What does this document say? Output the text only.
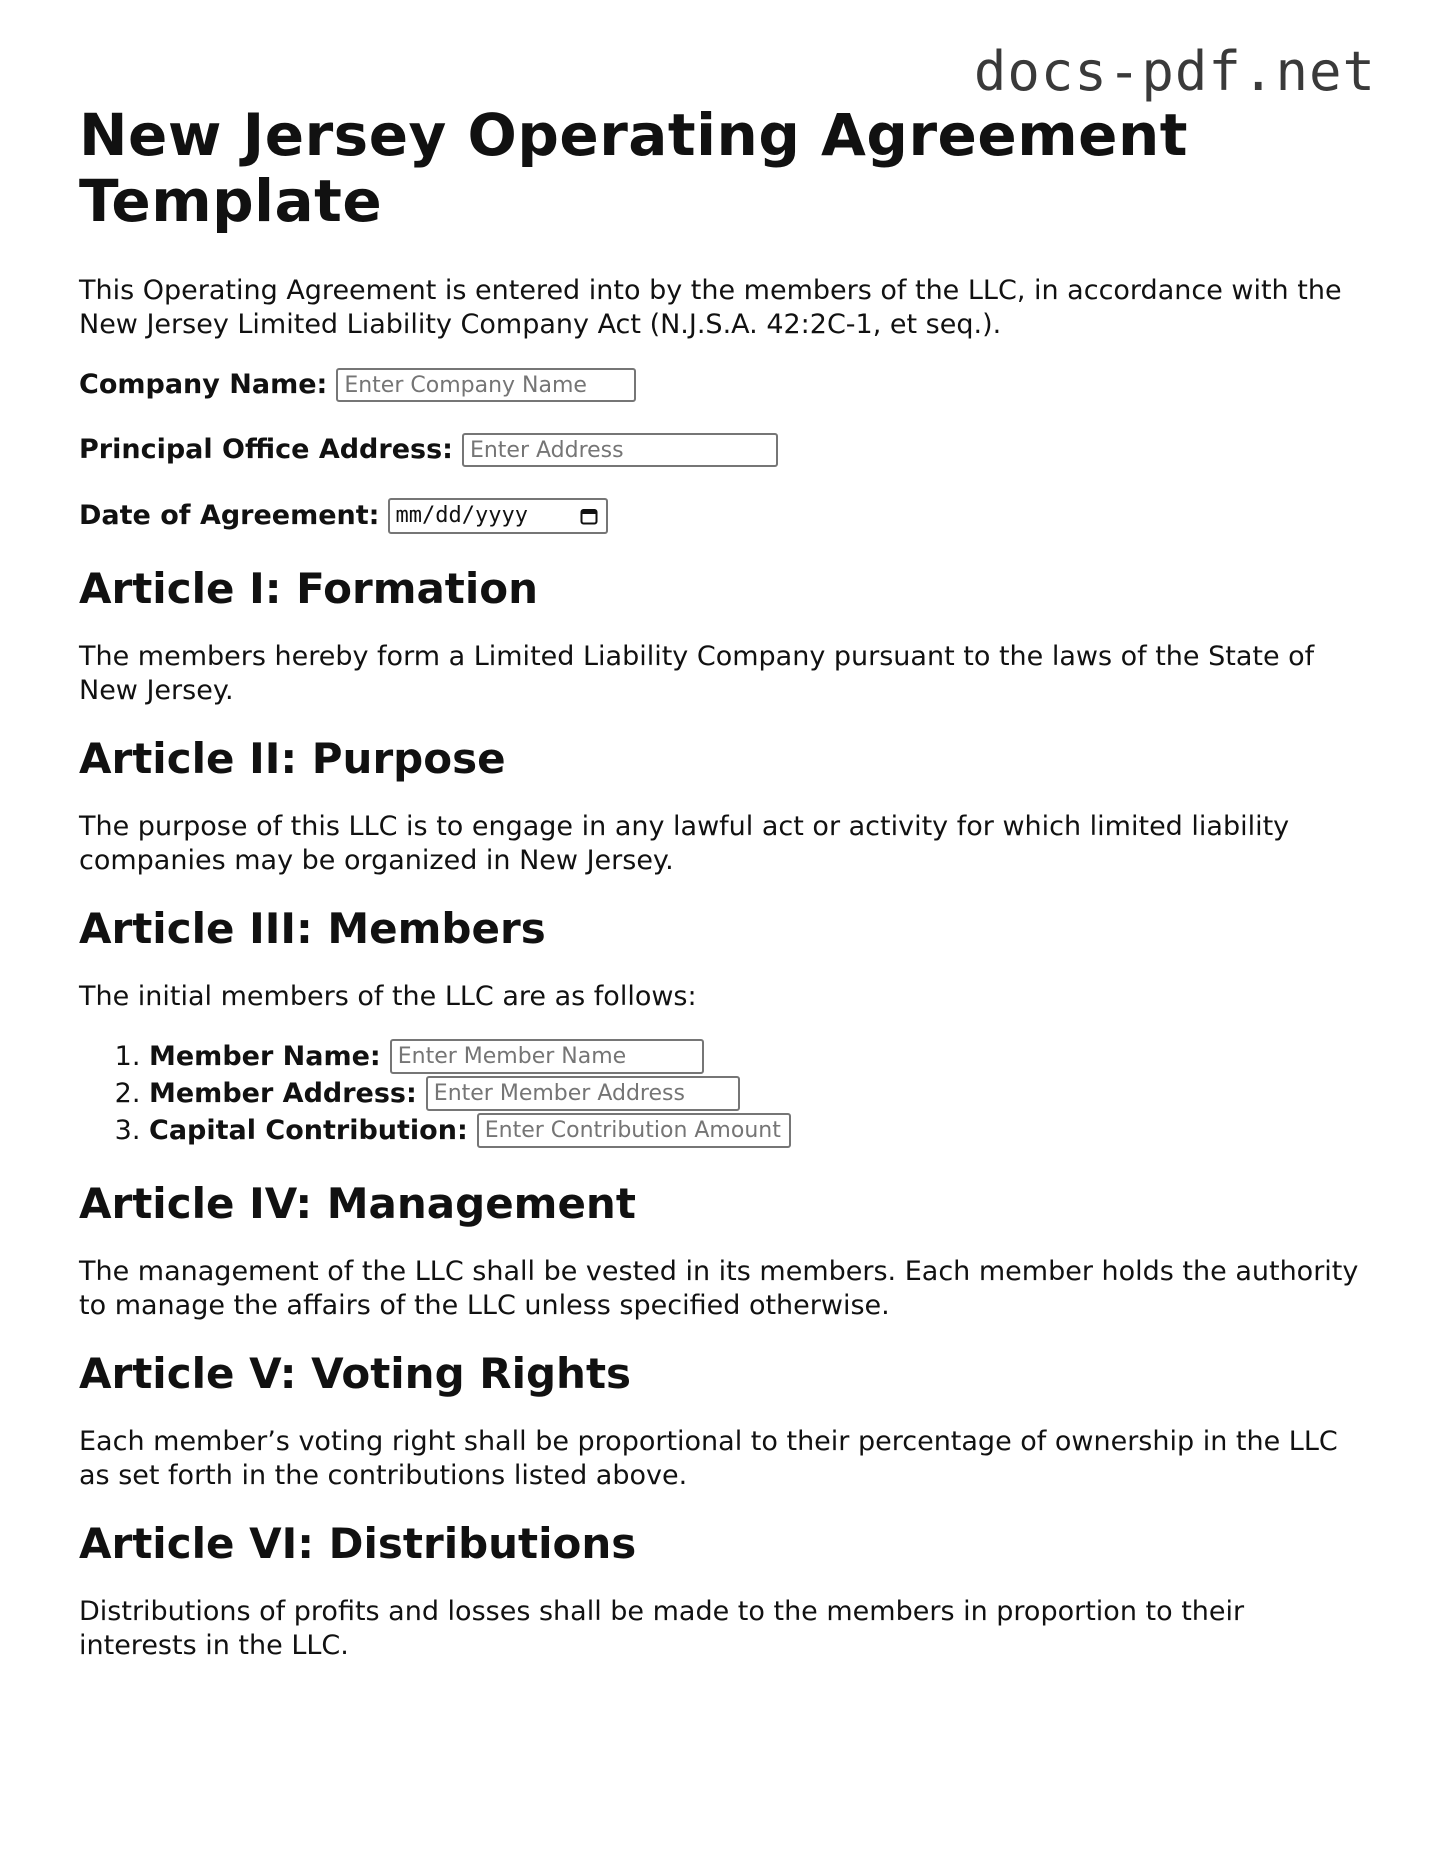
docs-pdf.net
New Jersey Operating Agreement Template

This Operating Agreement is entered into by the members of the LLC, in accordance with the New Jersey Limited Liability Company Act (N.J.S.A. 42:2C-1, et seq.).

Company Name:
Enter Company Name
Principal Office Address:
Enter Address
Date of Agreement: mm/dd/yyyy
Article I: Formation

The members hereby form a Limited Liability Company pursuant to the laws of the State of New Jersey.

Article II: Purpose

The purpose of this LLC is to engage in any lawful act or activity for which limited liability companies may be organized in New Jersey.

Article III: Members

The initial members of the LLC are as follows:

1. Member Name:
Enter Member Name
2. Member Address:
Enter Member Address
3. Capital Contribution:
Enter Contribution Amount
Article IV: Management

The management of the LLC shall be vested in its members. Each member holds the authority to manage the affairs of the LLC unless specified otherwise.

Article V: Voting Rights

Each member’s voting right shall be proportional to their percentage of ownership in the LLC as set forth in the contributions listed above.

Article VI: Distributions

Distributions of profits and losses shall be made to the members in proportion to their interests in the LLC.
